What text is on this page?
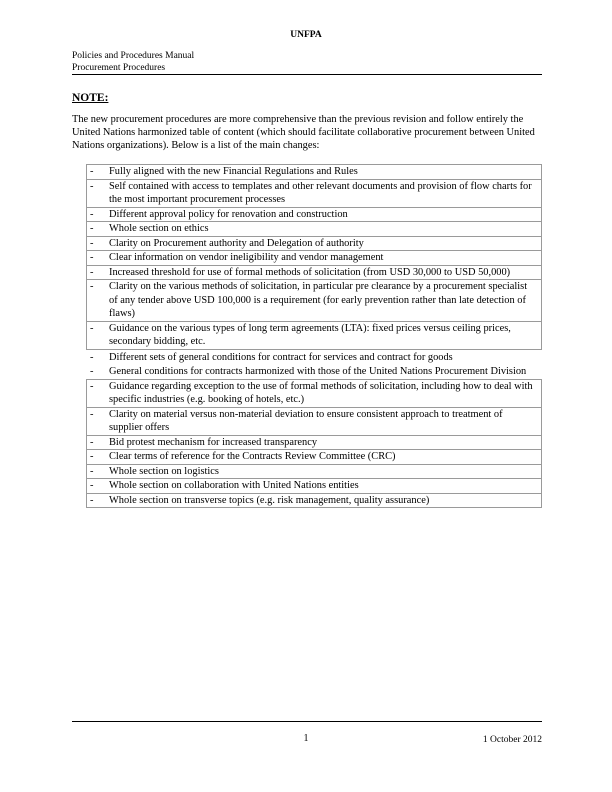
UNFPA
Policies and Procedures Manual
Procurement Procedures
NOTE:

The new procurement procedures are more comprehensive than the previous revision and follow entirely the United Nations harmonized table of content (which should facilitate collaborative procurement between United Nations organizations). Below is a list of the main changes:

- Fully aligned with the new Financial Regulations and Rules
- Self contained with access to templates and other relevant documents and provision of flow charts for the most important procurement processes
- Different approval policy for renovation and construction
- Whole section on ethics
- Clarity on Procurement authority and Delegation of authority
- Clear information on vendor ineligibility and vendor management
- Increased threshold for use of formal methods of solicitation (from USD 30,000 to USD 50,000)
- Clarity on the various methods of solicitation, in particular pre clearance by a procurement specialist of any tender above USD 100,000 is a requirement (for early prevention rather than late detection of flaws)
- Guidance on the various types of long term agreements (LTA): fixed prices versus ceiling prices, secondary bidding, etc.
- Different sets of general conditions for contract for services and contract for goods
- General conditions for contracts harmonized with those of the United Nations Procurement Division
- Guidance regarding exception to the use of formal methods of solicitation, including how to deal with specific industries (e.g. booking of hotels, etc.)
- Clarity on material versus non-material deviation to ensure consistent approach to treatment of supplier offers
- Bid protest mechanism for increased transparency
- Clear terms of reference for the Contracts Review Committee (CRC)
- Whole section on logistics
- Whole section on collaboration with United Nations entities
- Whole section on transverse topics (e.g. risk management, quality assurance)
1	1 October 2012
